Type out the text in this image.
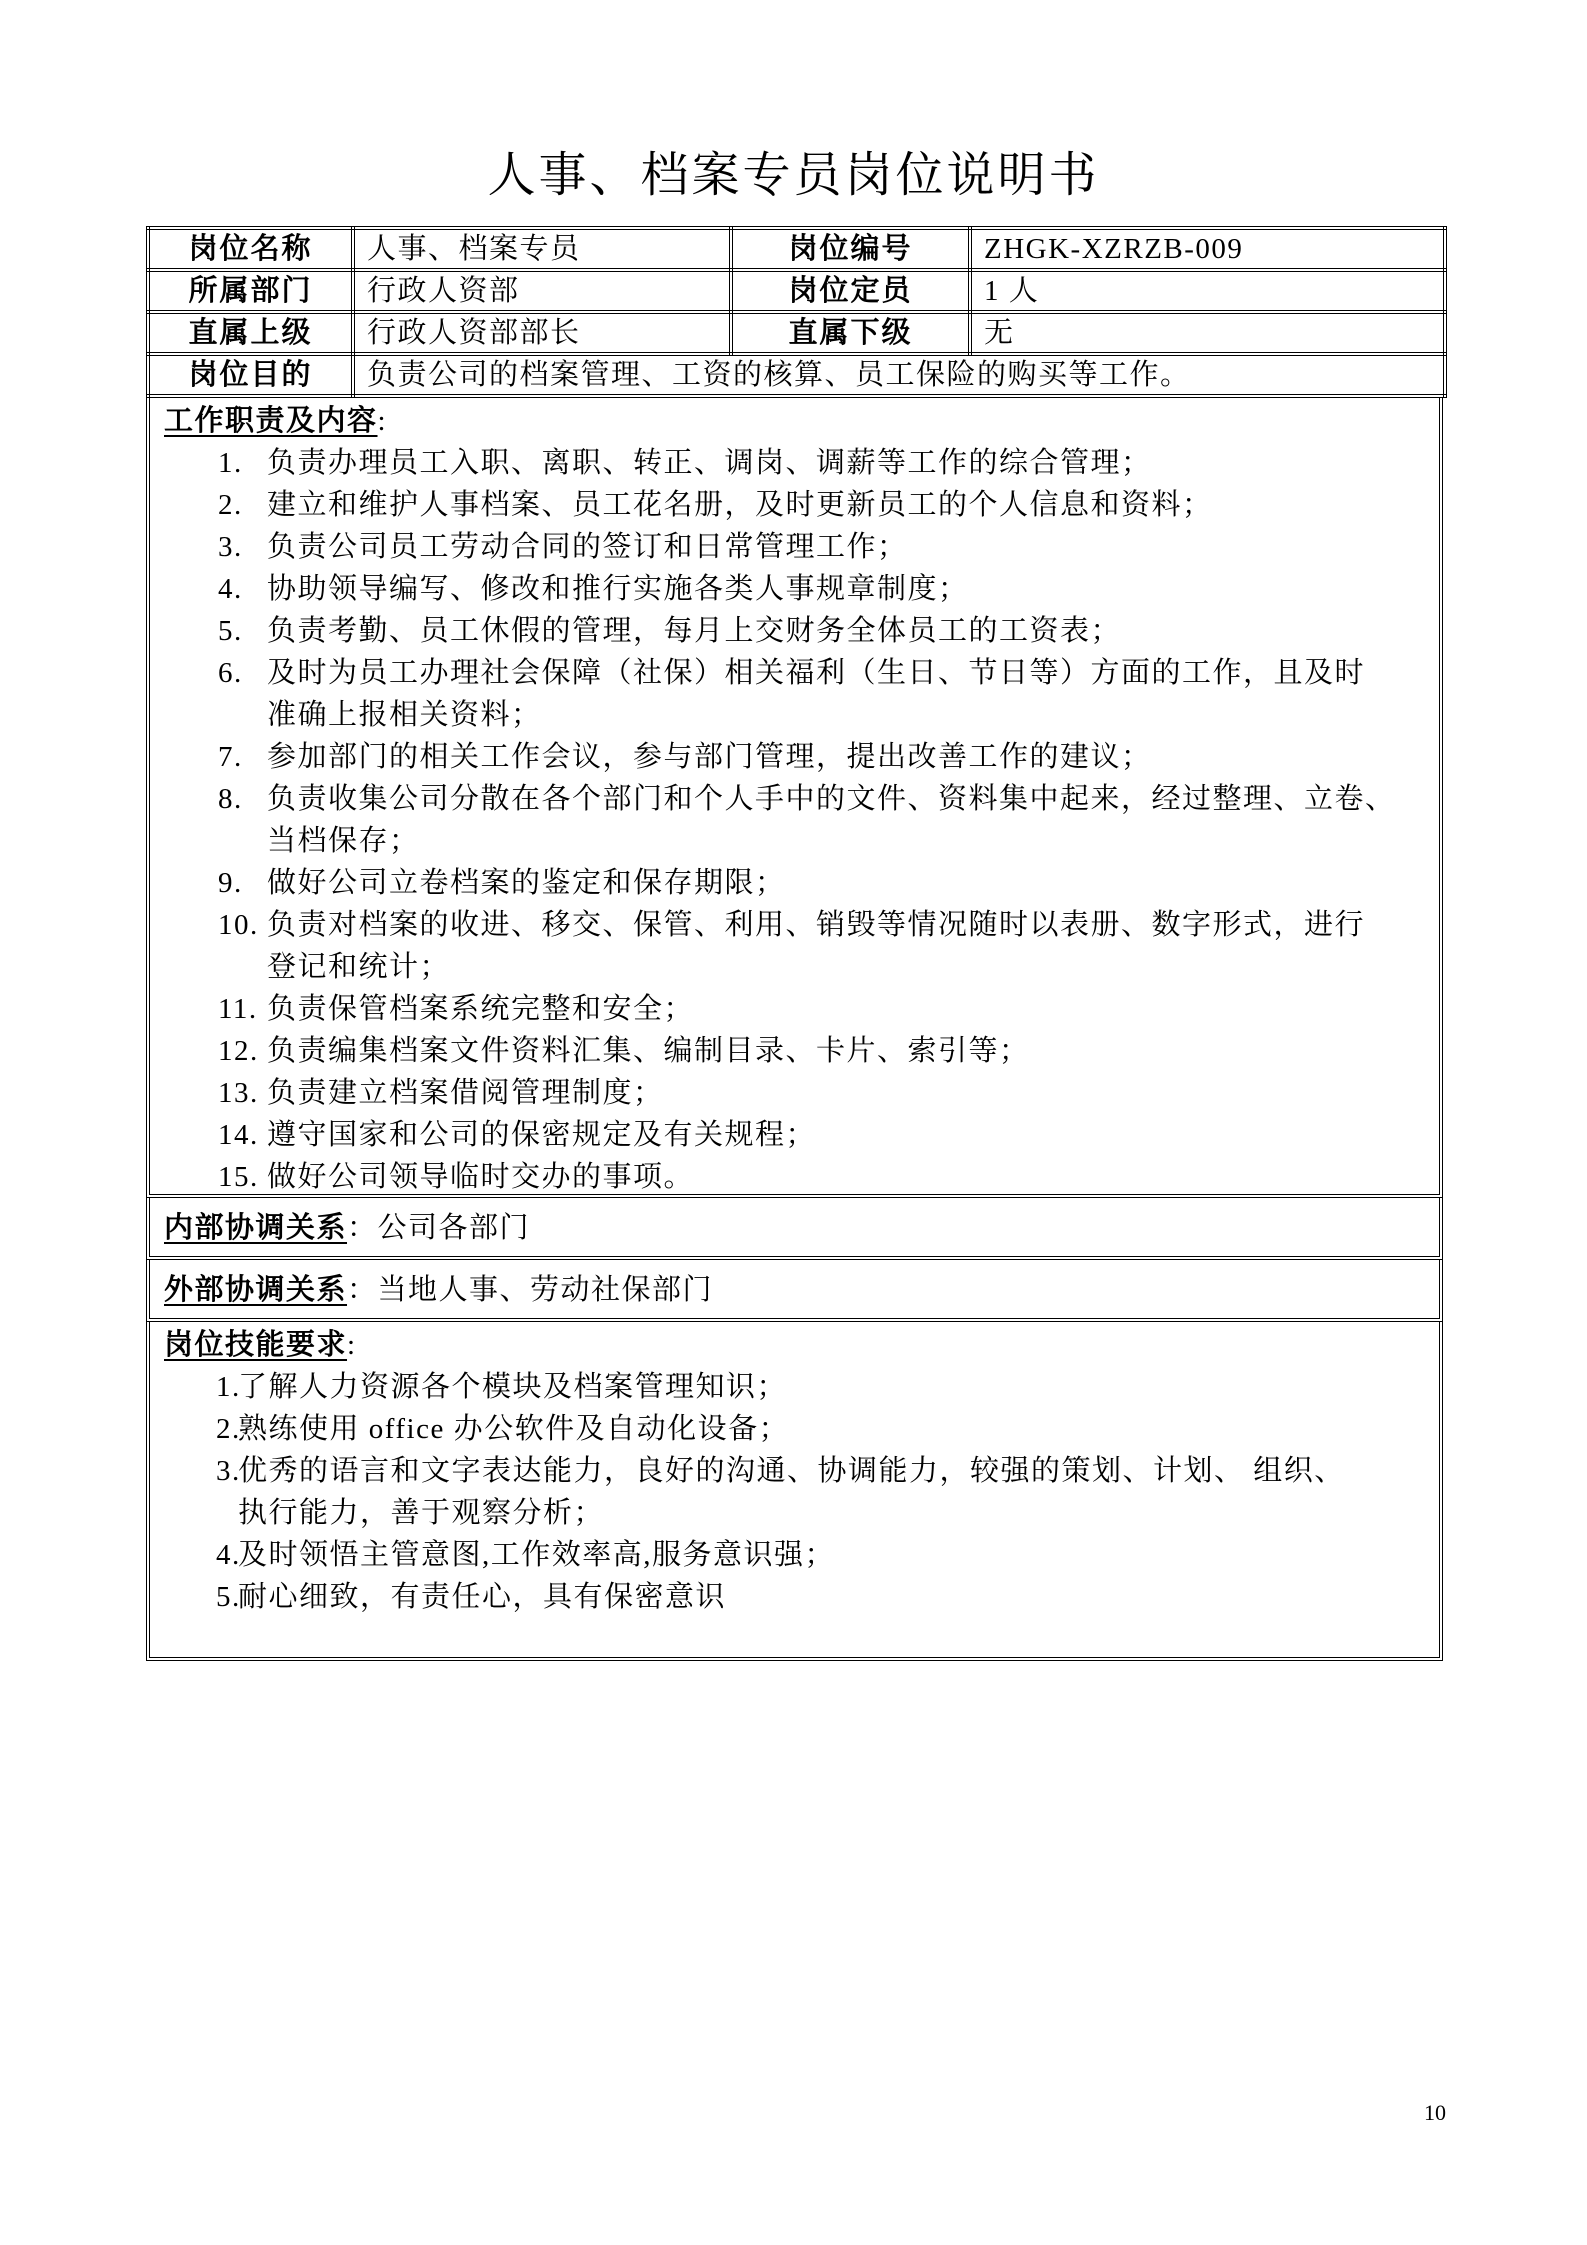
人事、档案专员岗位说明书
岗位名称	人事、档案专员	岗位编号	ZHGK-XZRZB-009
所属部门	行政人资部	岗位定员	1 人
直属上级	行政人资部部长	直属下级	无
岗位目的	负责公司的档案管理、工资的核算、员工保险的购买等工作。		
工作职责及内容:
1. 负责办理员工入职、离职、转正、调岗、调薪等工作的综合管理；
2. 建立和维护人事档案、员工花名册，及时更新员工的个人信息和资料；
3. 负责公司员工劳动合同的签订和日常管理工作；
4. 协助领导编写、修改和推行实施各类人事规章制度；
5. 负责考勤、员工休假的管理，每月上交财务全体员工的工资表；
6. 及时为员工办理社会保障（社保）相关福利（生日、节日等）方面的工作，且及时
准确上报相关资料；
7. 参加部门的相关工作会议，参与部门管理，提出改善工作的建议；
8. 负责收集公司分散在各个部门和个人手中的文件、资料集中起来，经过整理、立卷、
当档保存；
9. 做好公司立卷档案的鉴定和保存期限；
10. 负责对档案的收进、移交、保管、利用、销毁等情况随时以表册、数字形式，进行
登记和统计；
11. 负责保管档案系统完整和安全；
12. 负责编集档案文件资料汇集、编制目录、卡片、索引等；
13. 负责建立档案借阅管理制度；
14. 遵守国家和公司的保密规定及有关规程；
15. 做好公司领导临时交办的事项。
内部协调关系：公司各部门
外部协调关系：当地人事、劳动社保部门
岗位技能要求:
1.
了解人力资源各个模块及档案管理知识；
2.
熟练使用 office 办公软件及自动化设备；
3.
优秀的语言和文字表达能力，良好的沟通、协调能力，较强的策划、计划、 组织、
执行能力，善于观察分析；
4.
及时领悟主管意图,工作效率高,服务意识强；
5.
耐心细致，有责任心，具有保密意识
10
